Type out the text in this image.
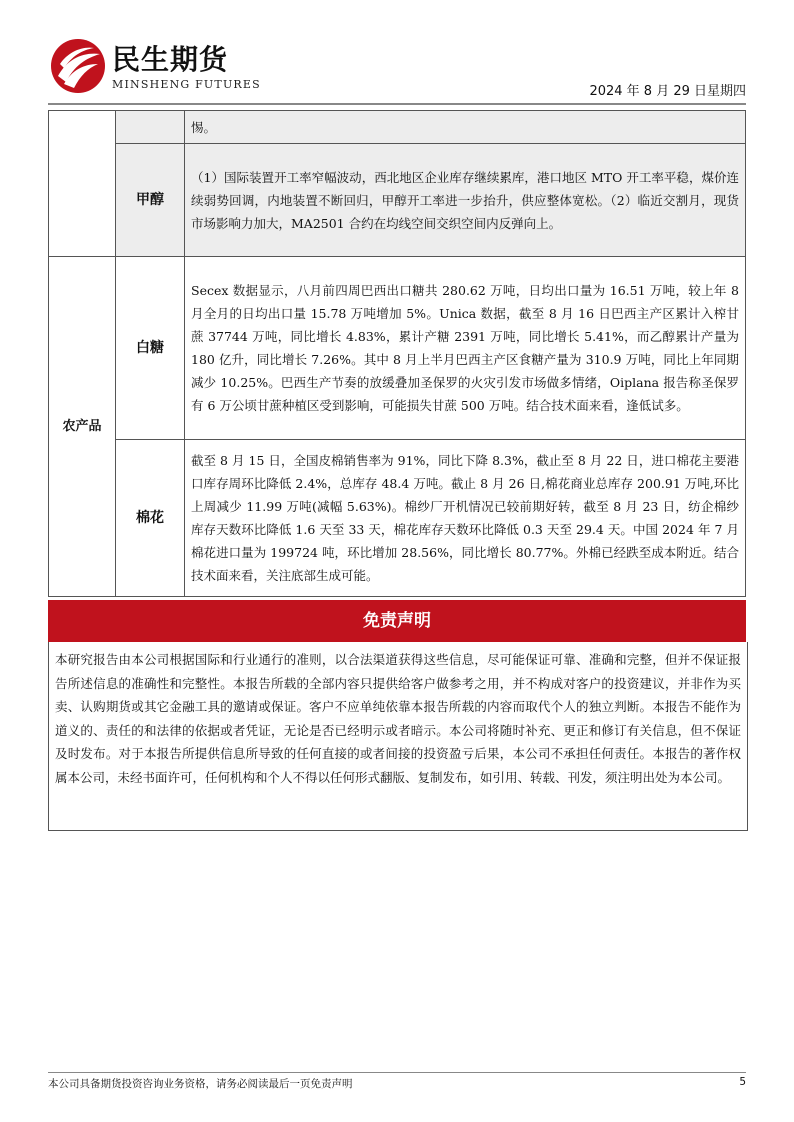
民生期货
MINSHENG FUTURES	2024 年 8 月 29 日星期四
		惕。
	甲醇	（1）国际装置开工率窄幅波动，西北地区企业库存继续累库，港口地区 MTO 开工率平稳，煤价连续弱势回调，内地装置不断回归，甲醇开工率进一步抬升，供应整体宽松。（2）临近交割月，现货市场影响力加大，MA2501 合约在均线空间交织空间内反弹向上。
农产品	白糖	Secex 数据显示，八月前四周巴西出口糖共 280.62 万吨，日均出口量为 16.51 万吨，较上年 8 月全月的日均出口量 15.78 万吨增加 5%。Unica 数据，截至 8 月 16 日巴西主产区累计入榨甘蔗 37744 万吨，同比增长 4.83%，累计产糖 2391 万吨，同比增长 5.41%，而乙醇累计产量为 180 亿升，同比增长 7.26%。其中 8 月上半月巴西主产区食糖产量为 310.9 万吨，同比上年同期减少 10.25%。巴西生产节奏的放缓叠加圣保罗的火灾引发市场做多情绪，Oiplana 报告称圣保罗有 6 万公顷甘蔗种植区受到影响，可能损失甘蔗 500 万吨。结合技术面来看，逢低试多。
	棉花	截至 8 月 15 日，全国皮棉销售率为 91%，同比下降 8.3%，截止至 8 月 22 日，进口棉花主要港口库存周环比降低 2.4%，总库存 48.4 万吨。截止 8 月 26 日,棉花商业总库存 200.91 万吨,环比上周减少 11.99 万吨(减幅 5.63%)。棉纱厂开机情况已较前期好转，截至 8 月 23 日，纺企棉纱库存天数环比降低 1.6 天至 33 天，棉花库存天数环比降低 0.3 天至 29.4 天。中国 2024 年 7 月棉花进口量为 199724 吨，环比增加 28.56%，同比增长 80.77%。外棉已经跌至成本附近。结合技术面来看，关注底部生成可能。
免责声明

本研究报告由本公司根据国际和行业通行的准则，以合法渠道获得这些信息，尽可能保证可靠、准确和完整，但并不保证报告所述信息的准确性和完整性。本报告所载的全部内容只提供给客户做参考之用，并不构成对客户的投资建议，并非作为买卖、认购期货或其它金融工具的邀请或保证。客户不应单纯依靠本报告所载的内容而取代个人的独立判断。本报告不能作为道义的、责任的和法律的依据或者凭证，无论是否已经明示或者暗示。本公司将随时补充、更正和修订有关信息，但不保证及时发布。对于本报告所提供信息所导致的任何直接的或者间接的投资盈亏后果，本公司不承担任何责任。本报告的著作权属本公司，未经书面许可，任何机构和个人不得以任何形式翻版、复制发布，如引用、转载、刊发，须注明出处为本公司。

本公司具备期货投资咨询业务资格，请务必阅读最后一页免责声明	5
